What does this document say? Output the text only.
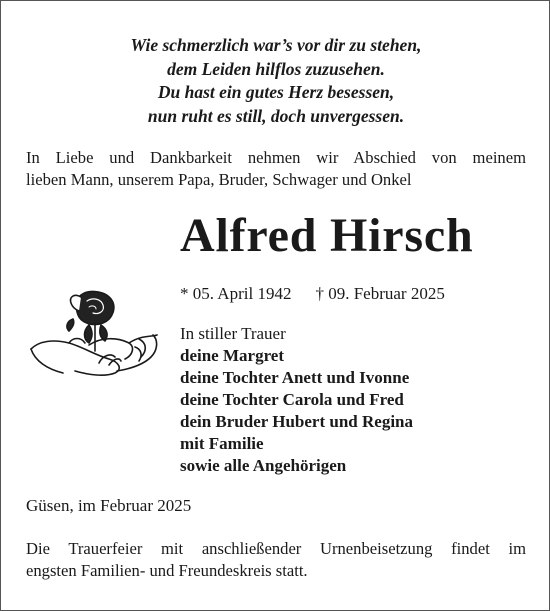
Wie schmerzlich war’s vor dir zu stehen,
dem Leiden hilflos zuzusehen.
Du hast ein gutes Herz besessen,
nun ruht es still, doch unvergessen.
In Liebe und Dankbarkeit nehmen wir Abschied von meinem
lieben Mann, unserem Papa, Bruder, Schwager und Onkel
Alfred Hirsch
* 05. April 1942 † 09. Februar 2025
In stiller Trauer
deine Margret
deine Tochter Anett und Ivonne
deine Tochter Carola und Fred
dein Bruder Hubert und Regina
mit Familie
sowie alle Angehörigen
Güsen, im Februar 2025
Die Trauerfeier mit anschließender Urnenbeisetzung findet im
engsten Familien- und Freundeskreis statt.
